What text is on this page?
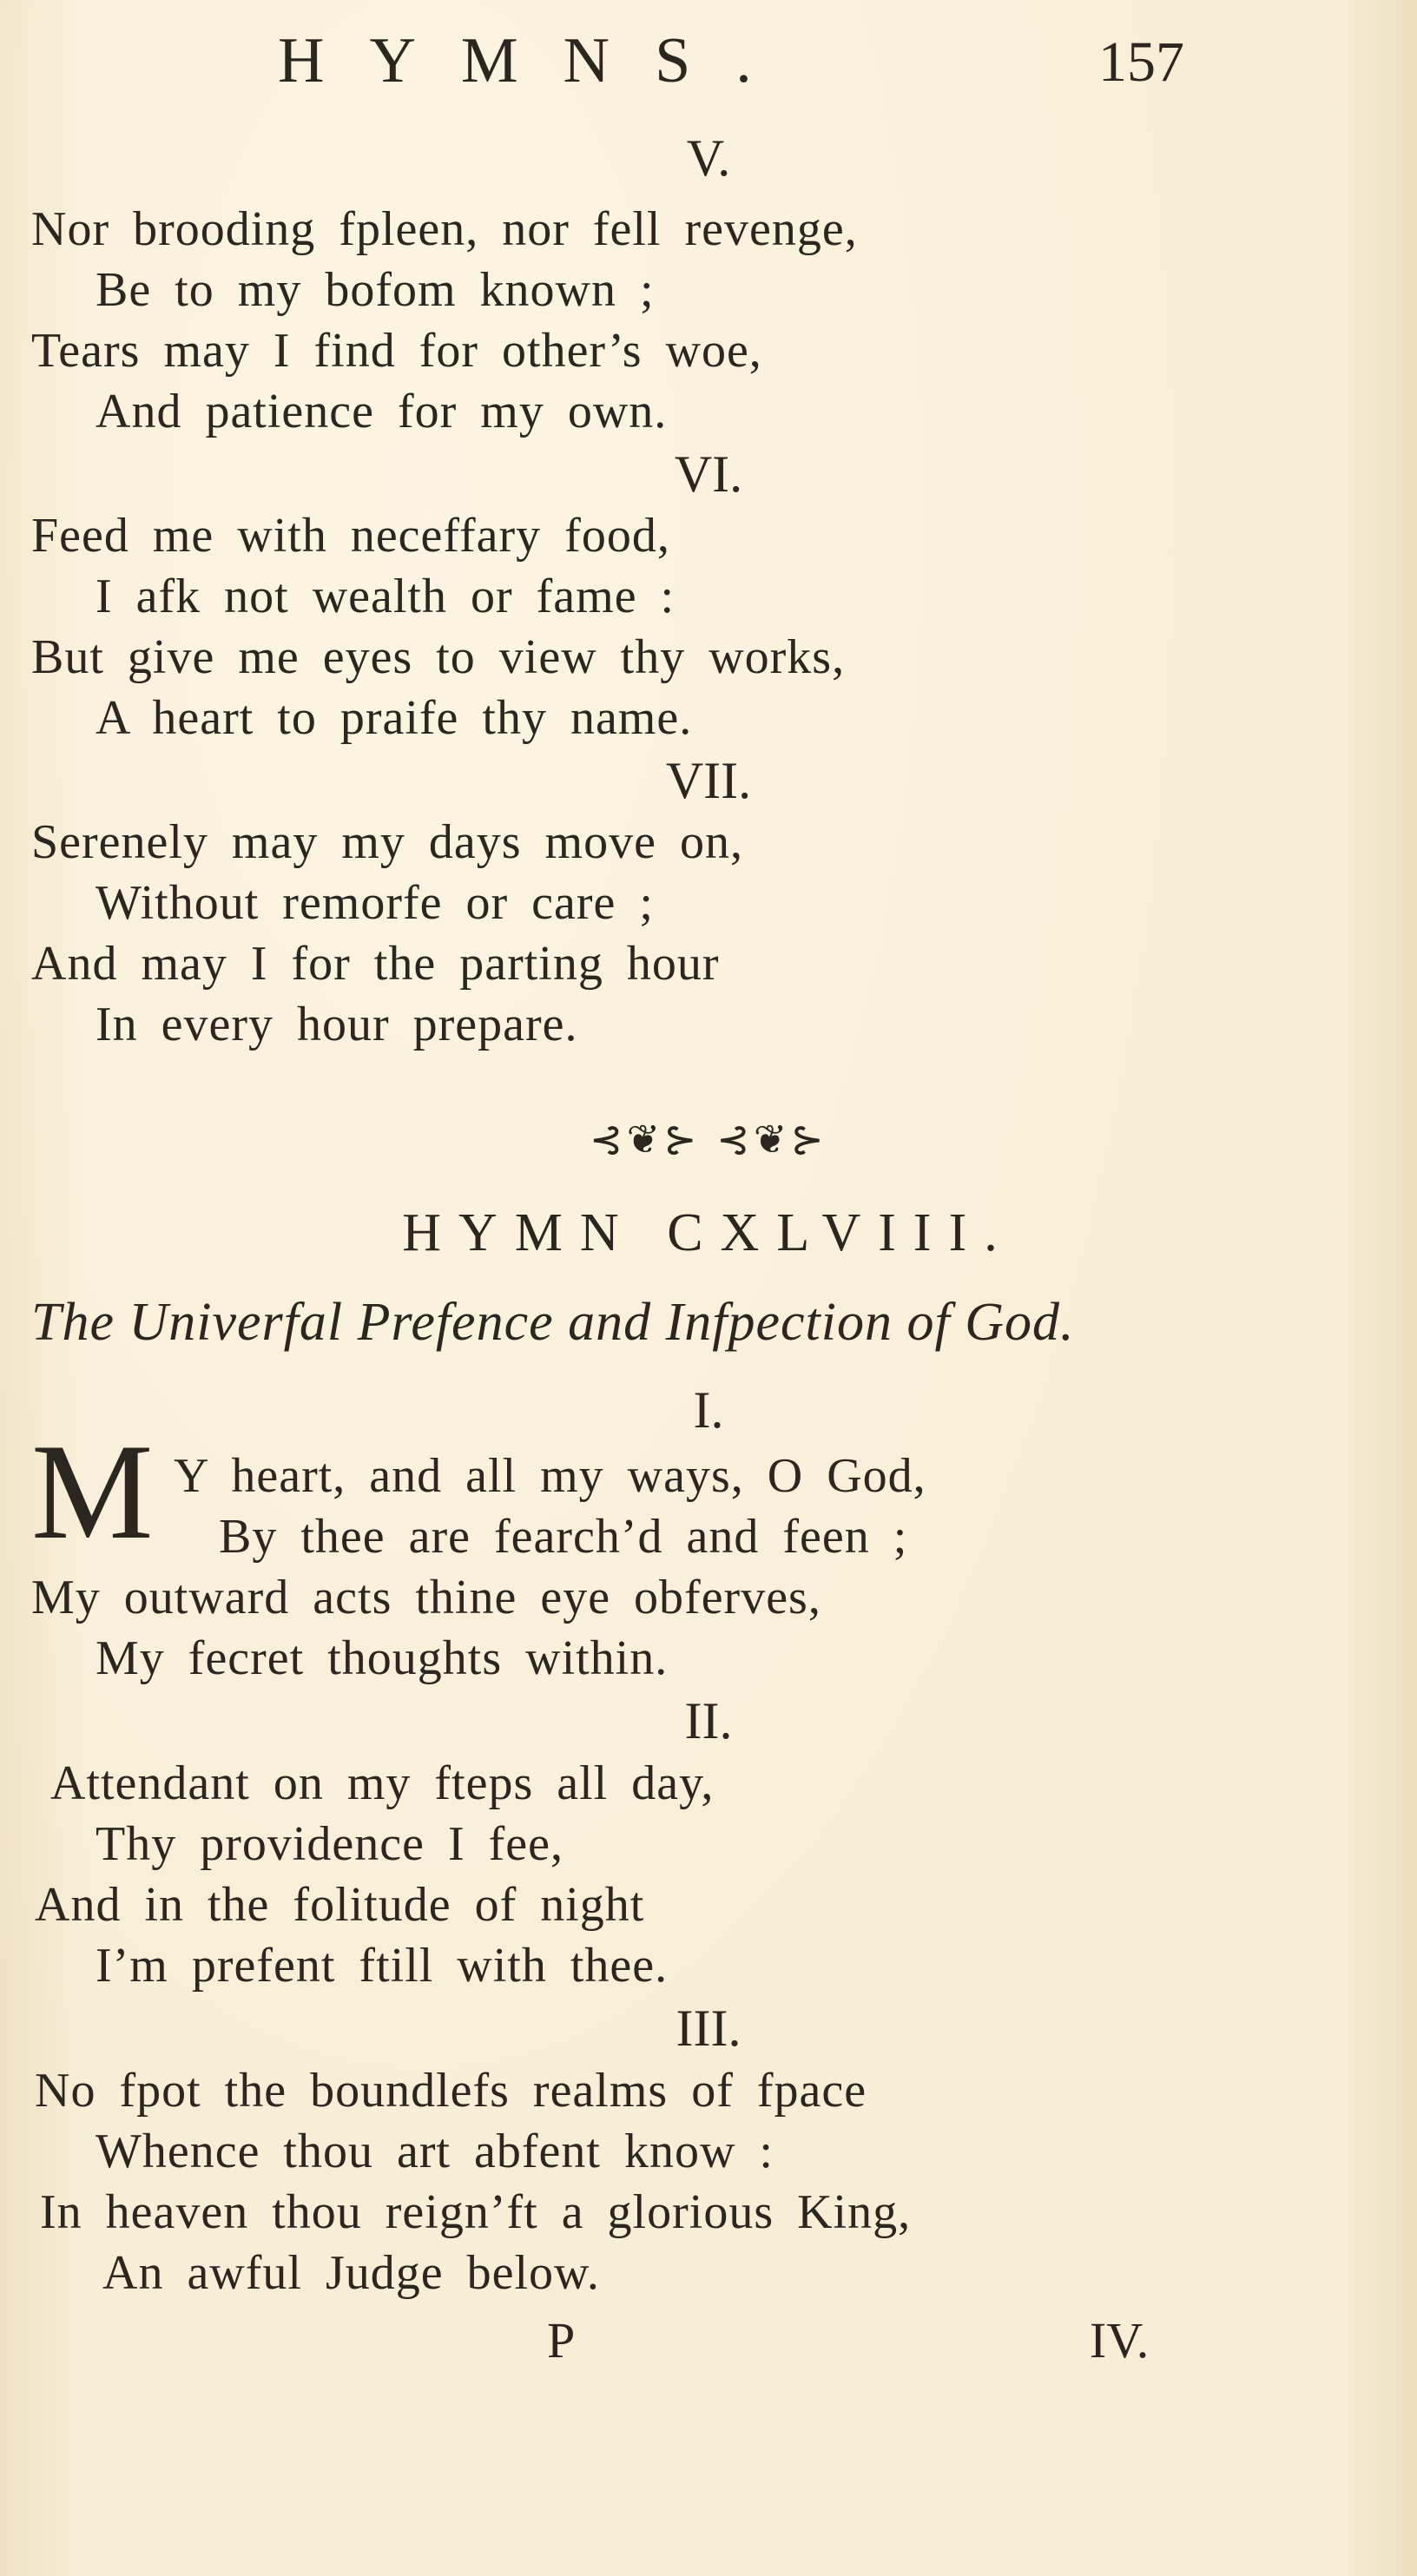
HYMNS.	157
V.
Nor brooding fpleen, nor fell revenge,
Be to my bofom known ;
Tears may I find for other’s woe,
And patience for my own.
VI.
Feed me with neceffary food,
I afk not wealth or fame :
But give me eyes to view thy works,
A heart to praife thy name.
VII.
Serenely may my days move on,
Without remorfe or care ;
And may I for the parting hour
In every hour prepare.
⊰❦⊱ ⊰❦⊱
HYMN CXLVIII.
The Univerfal Prefence and Infpection of God.
I.
M Y heart, and all my ways, O God,
By thee are fearch’d and feen ;
My outward acts thine eye obferves,
My fecret thoughts within.
II.
Attendant on my fteps all day,
Thy providence I fee,
And in the folitude of night
I’m prefent ftill with thee.
III.
No fpot the boundlefs realms of fpace
Whence thou art abfent know :
In heaven thou reign’ft a glorious King,
An awful Judge below.
P	IV.
